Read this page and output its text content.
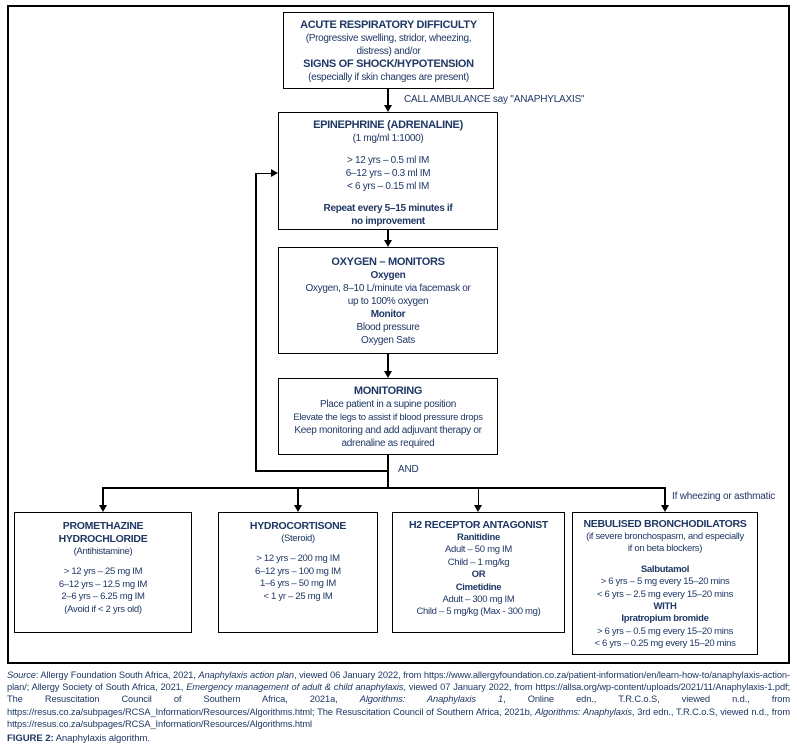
ACUTE RESPIRATORY DIFFICULTY
(Progressive swelling, stridor, wheezing,
distress) and/or
SIGNS OF SHOCK/HYPOTENSION
(especially if skin changes are present)
CALL AMBULANCE say "ANAPHYLAXIS"
EPINEPHRINE (ADRENALINE)
(1 mg/ml 1:1000)
> 12 yrs – 0.5 ml IM
6–12 yrs – 0.3 ml IM
< 6 yrs – 0.15 ml IM
Repeat every 5–15 minutes if
no improvement
OXYGEN – MONITORS
Oxygen
Oxygen, 8–10 L/minute via facemask or
up to 100% oxygen
Monitor
Blood pressure
Oxygen Sats
MONITORING
Place patient in a supine position
Elevate the legs to assist if blood pressure drops
Keep monitoring and add adjuvant therapy or
adrenaline as required
AND
If wheezing or asthmatic
PROMETHAZINE
HYDROCHLORIDE
(Antihistamine)
> 12 yrs – 25 mg IM
6–12 yrs – 12.5 mg IM
2–6 yrs – 6.25 mg IM
(Avoid if < 2 yrs old)
HYDROCORTISONE
(Steroid)
> 12 yrs – 200 mg IM
6–12 yrs – 100 mg IM
1–6 yrs – 50 mg IM
< 1 yr – 25 mg IM
H2 RECEPTOR ANTAGONIST
Ranitidine
Adult – 50 mg IM
Child – 1 mg/kg
OR
Cimetidine
Adult – 300 mg IM
Child – 5 mg/kg (Max - 300 mg)
NEBULISED BRONCHODILATORS
(if severe bronchospasm, and especially
if on beta blockers)
Salbutamol
> 6 yrs – 5 mg every 15–20 mins
< 6 yrs – 2.5 mg every 15–20 mins
WITH
Ipratropium bromide
> 6 yrs – 0.5 mg every 15–20 mins
< 6 yrs – 0.25 mg every 15–20 mins
Source: Allergy Foundation South Africa, 2021, Anaphylaxis action plan, viewed 06 January 2022, from https://www.allergyfoundation.co.za/patient-information/en/learn-how-to/anaphylaxis-action-plan/; Allergy Society of South Africa, 2021, Emergency management of adult & child anaphylaxis, viewed 07 January 2022, from https://allsa.org/wp-content/uploads/2021/11/Anaphylaxis-1.pdf; The Resuscitation Council of Southern Africa, 2021a, Algorithms: Anaphylaxis 1, Online edn., T.R.C.o.S, viewed n.d., from https://resus.co.za/subpages/RCSA_Information/Resources/Algorithms.html; The Resuscitation Council of Southern Africa, 2021b, Algorithms: Anaphylaxis, 3rd edn., T.R.C.o.S, viewed n.d., from https://resus.co.za/subpages/RCSA_Information/Resources/Algorithms.html
FIGURE 2: Anaphylaxis algorithm.
